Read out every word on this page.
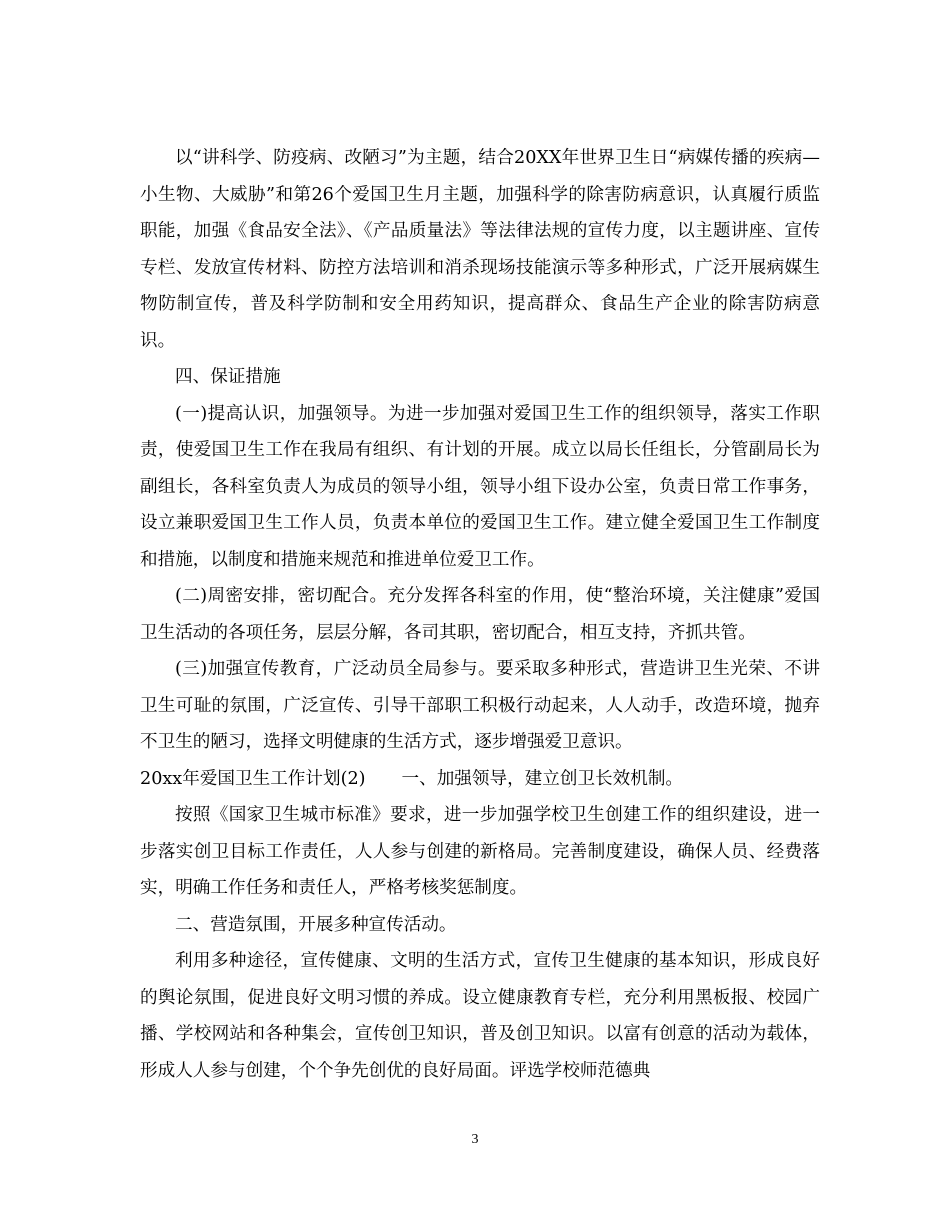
以“讲科学、防疫病、改陋习”为主题，结合20XX年世界卫生日“病媒传播的疾病—小生物、大威胁”和第26个爱国卫生月主题，加强科学的除害防病意识，认真履行质监职能，加强《食品安全法》、《产品质量法》等法律法规的宣传力度，以主题讲座、宣传专栏、发放宣传材料、防控方法培训和消杀现场技能演示等多种形式，广泛开展病媒生物防制宣传，普及科学防制和安全用药知识，提高群众、食品生产企业的除害防病意识。

四、保证措施

(一)提高认识，加强领导。为进一步加强对爱国卫生工作的组织领导，落实工作职责，使爱国卫生工作在我局有组织、有计划的开展。成立以局长任组长，分管副局长为副组长，各科室负责人为成员的领导小组，领导小组下设办公室，负责日常工作事务，设立兼职爱国卫生工作人员，负责本单位的爱国卫生工作。建立健全爱国卫生工作制度和措施，以制度和措施来规范和推进单位爱卫工作。

(二)周密安排，密切配合。充分发挥各科室的作用，使“整治环境，关注健康”爱国卫生活动的各项任务，层层分解，各司其职，密切配合，相互支持，齐抓共管。

(三)加强宣传教育，广泛动员全局参与。要采取多种形式，营造讲卫生光荣、不讲卫生可耻的氛围，广泛宣传、引导干部职工积极行动起来，人人动手，改造环境，抛弃不卫生的陋习，选择文明健康的生活方式，逐步增强爱卫意识。

20xx年爱国卫生工作计划(2) 一、加强领导，建立创卫长效机制。

按照《国家卫生城市标准》要求，进一步加强学校卫生创建工作的组织建设，进一步落实创卫目标工作责任，人人参与创建的新格局。完善制度建设，确保人员、经费落实，明确工作任务和责任人，严格考核奖惩制度。

二、营造氛围，开展多种宣传活动。

利用多种途径，宣传健康、文明的生活方式，宣传卫生健康的基本知识，形成良好的舆论氛围，促进良好文明习惯的养成。设立健康教育专栏，充分利用黑板报、校园广播、学校网站和各种集会，宣传创卫知识，普及创卫知识。以富有创意的活动为载体，形成人人参与创建，个个争先创优的良好局面。评选学校师范德典

3
